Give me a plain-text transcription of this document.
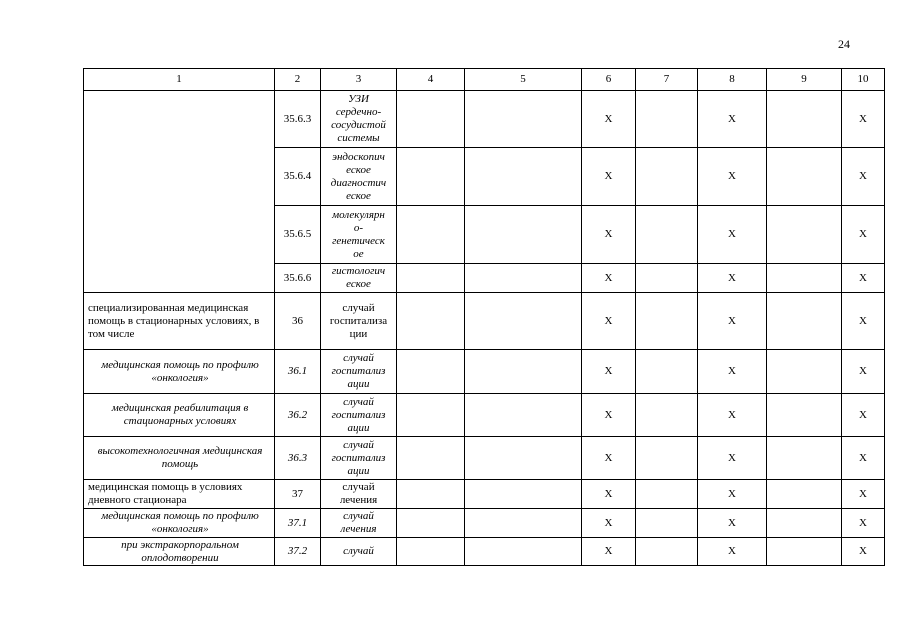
24
1	2	3	4	5	6	7	8	9	10
	35.6.3	УЗИ
сердечно-
сосудистой
системы			X		X		X
	35.6.4	эндоскопич
еское
диагностич
еское			X		X		X
	35.6.5	молекулярн
о-
генетическ
ое			X		X		X
	35.6.6	гистологич
еское			X		X		X

специализированная медицинская помощь в стационарных условиях, в том числе	36	случай
госпитализа
ции			X		X		X

медицинская помощь по профилю «онкология»	36.1	случай
госпитализ
ации			X		X		X

медицинская реабилитация в стационарных условиях	36.2	случай
госпитализ
ации			X		X		X

высокотехнологичная медицинская помощь	36.3	случай
госпитализ
ации			X		X		X

медицинская помощь в условиях дневного стационара	37	случай
лечения			X		X		X

медицинская помощь по профилю «онкология»	37.1	случай
лечения			X		X		X

при экстракорпоральном оплодотворении	37.2	случай			X		X		X
